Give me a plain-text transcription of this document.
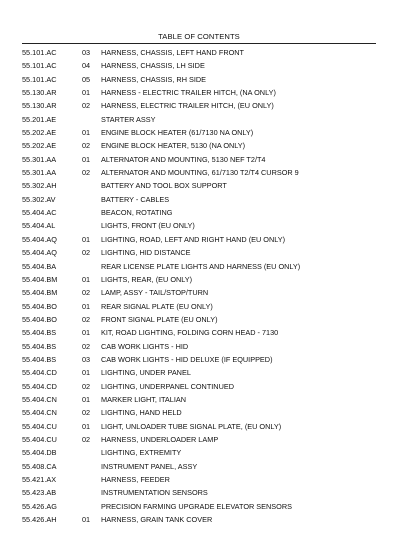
TABLE OF CONTENTS
55.101.AC	03	HARNESS, CHASSIS, LEFT HAND FRONT
55.101.AC	04	HARNESS, CHASSIS, LH SIDE
55.101.AC	05	HARNESS, CHASSIS, RH SIDE
55.130.AR	01	HARNESS - ELECTRIC TRAILER HITCH, (NA ONLY)
55.130.AR	02	HARNESS, ELECTRIC TRAILER HITCH, (EU ONLY)
55.201.AE	STARTER ASSY
55.202.AE	01	ENGINE BLOCK HEATER (61/7130 NA ONLY)
55.202.AE	02	ENGINE BLOCK HEATER, 5130 (NA ONLY)
55.301.AA	01	ALTERNATOR AND MOUNTING, 5130 NEF T2/T4
55.301.AA	02	ALTERNATOR AND MOUNTING, 61/7130 T2/T4 CURSOR 9
55.302.AH	BATTERY AND TOOL BOX SUPPORT
55.302.AV	BATTERY - CABLES
55.404.AC	BEACON, ROTATING
55.404.AL	LIGHTS, FRONT (EU ONLY)
55.404.AQ	01	LIGHTING, ROAD, LEFT AND RIGHT HAND (EU ONLY)
55.404.AQ	02	LIGHTING, HID DISTANCE
55.404.BA	REAR LICENSE PLATE LIGHTS AND HARNESS (EU ONLY)
55.404.BM	01	LIGHTS, REAR, (EU ONLY)
55.404.BM	02	LAMP, ASSY - TAIL/STOP/TURN
55.404.BO	01	REAR SIGNAL PLATE (EU ONLY)
55.404.BO	02	FRONT SIGNAL PLATE (EU ONLY)
55.404.BS	01	KIT, ROAD LIGHTING, FOLDING CORN HEAD - 7130
55.404.BS	02	CAB WORK LIGHTS - HID
55.404.BS	03	CAB WORK LIGHTS - HID DELUXE (IF EQUIPPED)
55.404.CD	01	LIGHTING, UNDER PANEL
55.404.CD	02	LIGHTING, UNDERPANEL CONTINUED
55.404.CN	01	MARKER LIGHT, ITALIAN
55.404.CN	02	LIGHTING, HAND HELD
55.404.CU	01	LIGHT, UNLOADER TUBE SIGNAL PLATE, (EU ONLY)
55.404.CU	02	HARNESS, UNDERLOADER LAMP
55.404.DB	LIGHTING, EXTREMITY
55.408.CA	INSTRUMENT PANEL, ASSY
55.421.AX	HARNESS, FEEDER
55.423.AB	INSTRUMENTATION SENSORS
55.426.AG	PRECISION FARMING UPGRADE ELEVATOR SENSORS
55.426.AH	01	HARNESS, GRAIN TANK COVER
